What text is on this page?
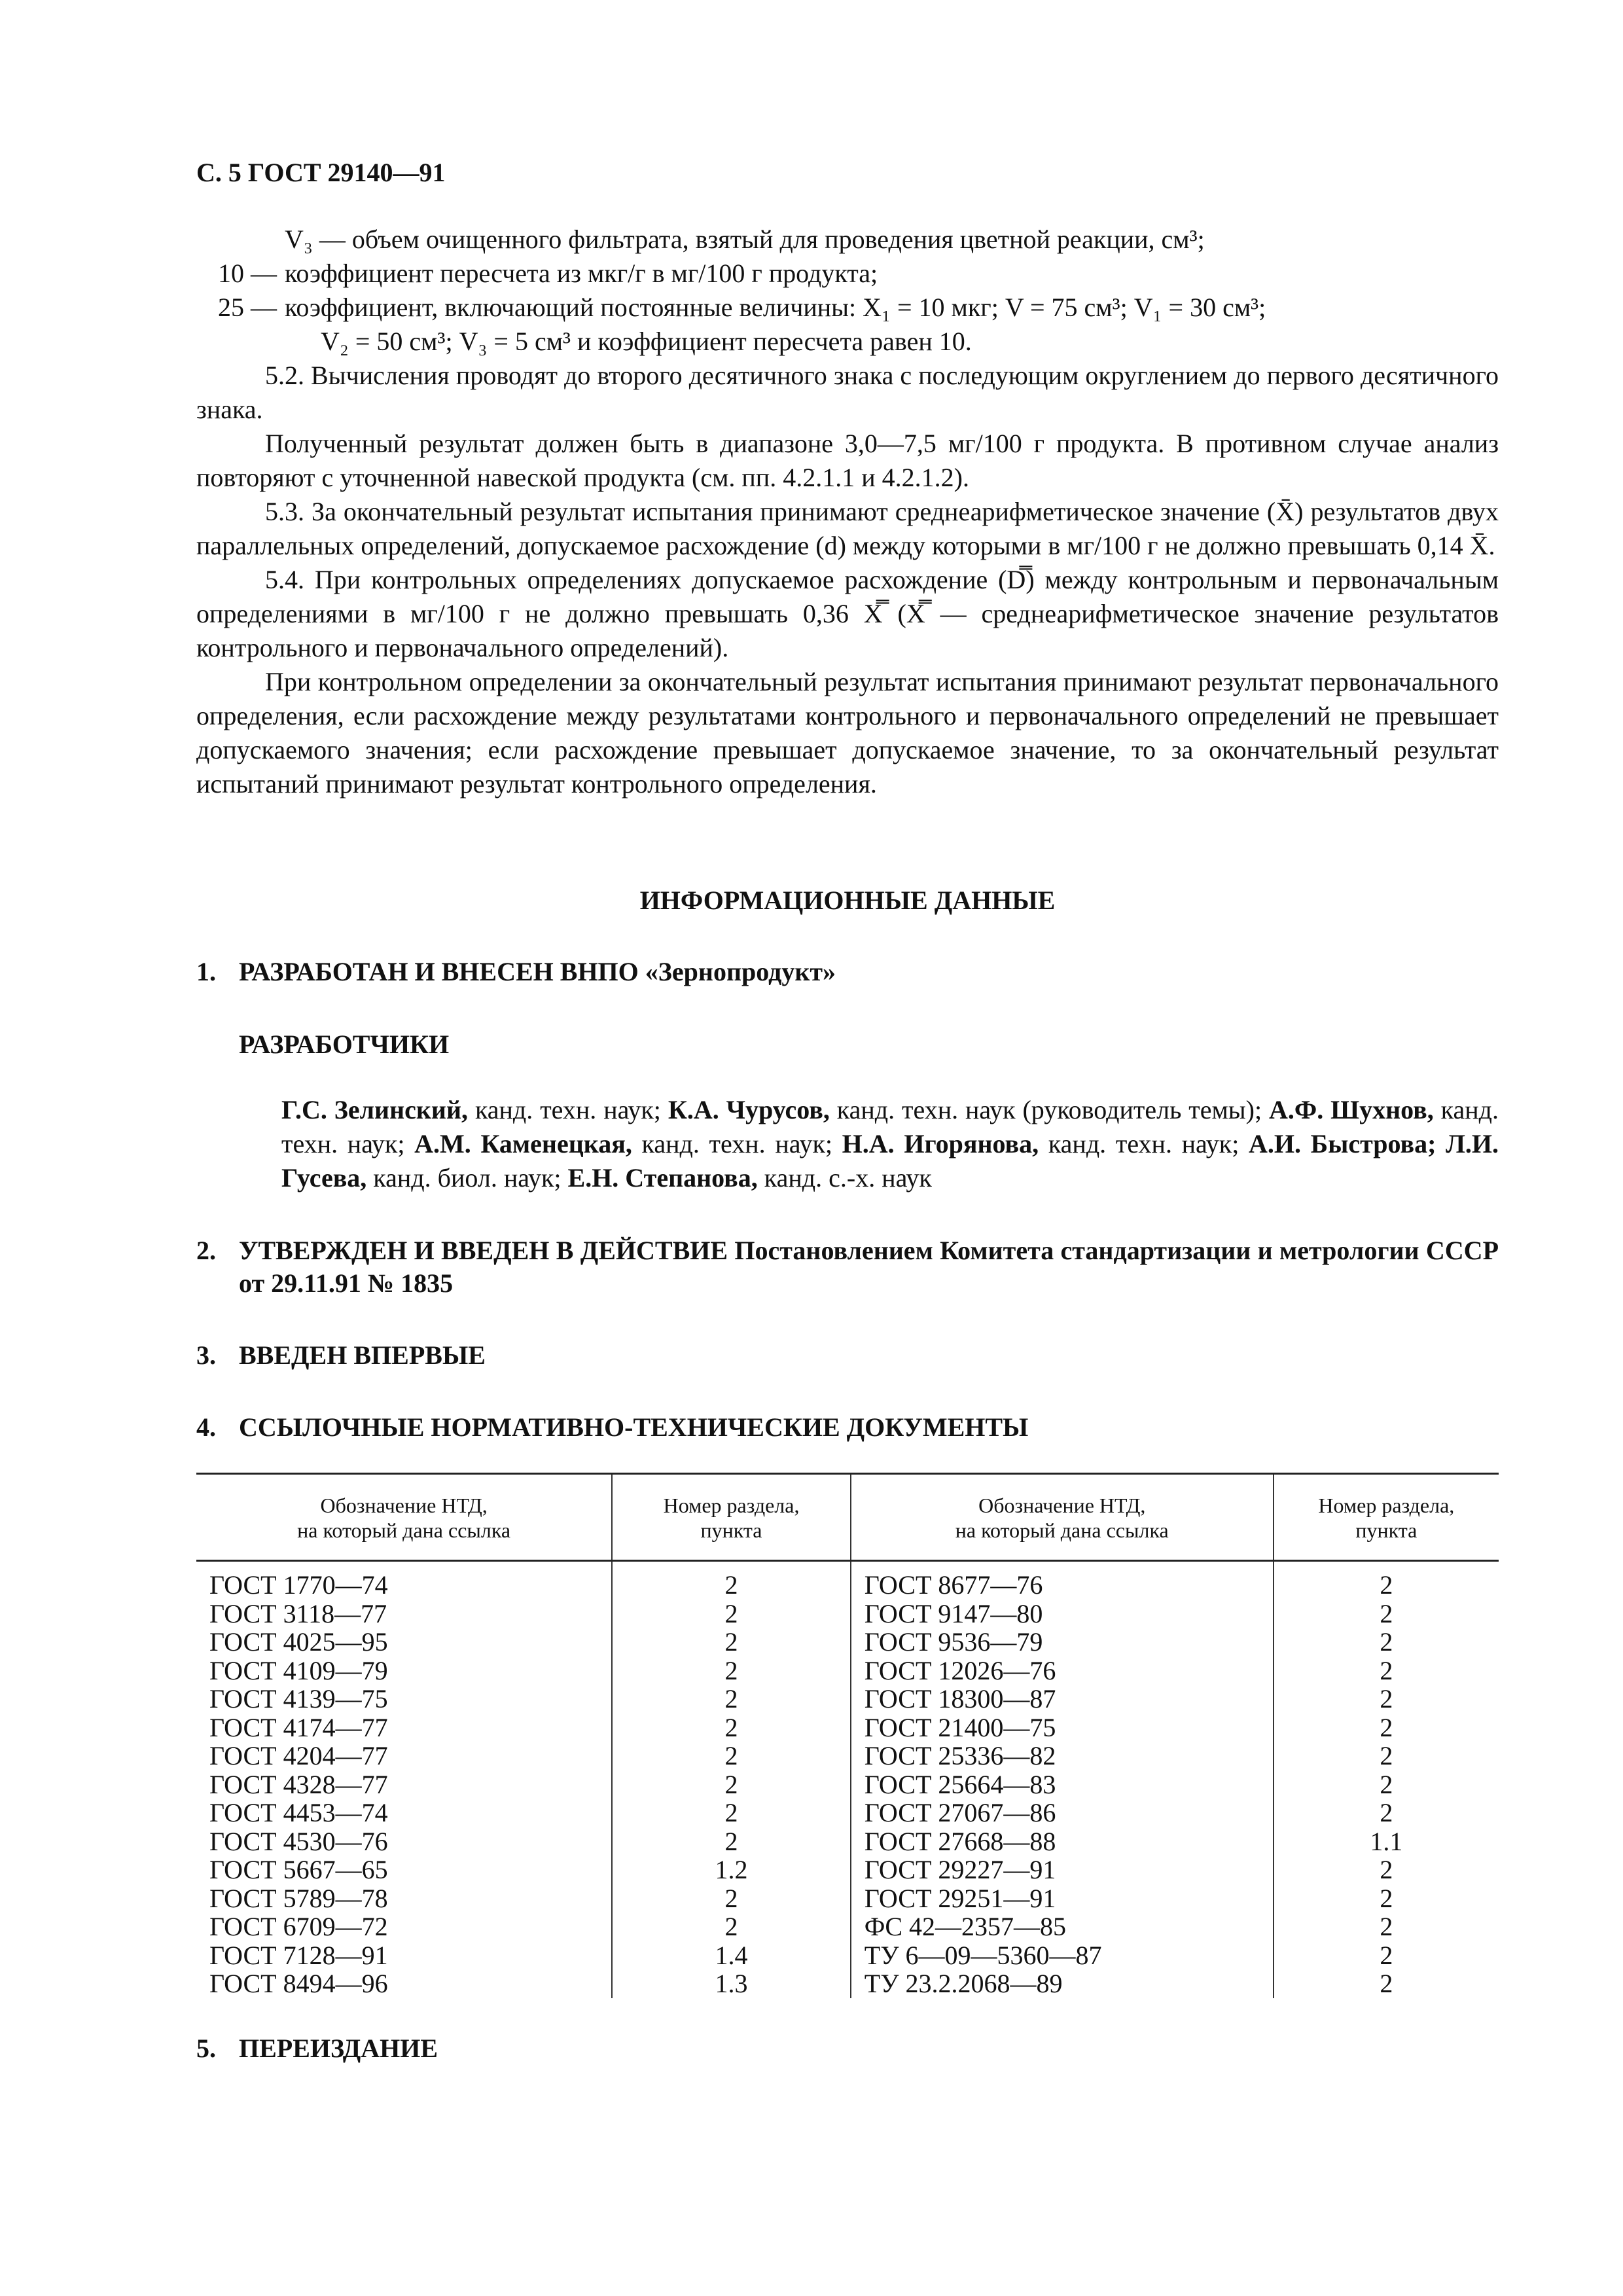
С. 5 ГОСТ 29140—91
V₃ — объем очищенного фильтрата, взятый для проведения цветной реакции, см³;
10 — коэффициент пересчета из мкг/г в мг/100 г продукта;
25 — коэффициент, включающий постоянные величины: X₁ = 10 мкг; V = 75 см³; V₁ = 30 см³;

V₂ = 50 см³; V₃ = 5 см³ и коэффициент пересчета равен 10.

5.2. Вычисления проводят до второго десятичного знака с последующим округлением до первого десятичного знака.

Полученный результат должен быть в диапазоне 3,0—7,5 мг/100 г продукта. В противном случае анализ повторяют с уточненной навеской продукта (см. пп. 4.2.1.1 и 4.2.1.2).

5.3. За окончательный результат испытания принимают среднеарифметическое значение (X̄) результатов двух параллельных определений, допускаемое расхождение (d) между которыми в мг/100 г не должно превышать 0,14 X̄.

5.4. При контрольных определениях допускаемое расхождение (D̿) между контрольным и первоначальным определениями в мг/100 г не должно превышать 0,36 X̿ (X̿ — среднеарифметическое значение результатов контрольного и первоначального определений).

При контрольном определении за окончательный результат испытания принимают результат первоначального определения, если расхождение между результатами контрольного и первоначального определений не превышает допускаемого значения; если расхождение превышает допускаемое значение, то за окончательный результат испытаний принимают результат контрольного определения.

ИНФОРМАЦИОННЫЕ ДАННЫЕ
1. РАЗРАБОТАН И ВНЕСЕН ВНПО «Зернопродукт»
РАЗРАБОТЧИКИ
Г.С. Зелинский, канд. техн. наук; К.А. Чурусов, канд. техн. наук (руководитель темы); А.Ф. Шухнов, канд. техн. наук; А.М. Каменецкая, канд. техн. наук; Н.А. Игорянова, канд. техн. наук; А.И. Быстрова; Л.И. Гусева, канд. биол. наук; Е.Н. Степанова, канд. с.-х. наук
2. УТВЕРЖДЕН И ВВЕДЕН В ДЕЙСТВИЕ Постановлением Комитета стандартизации и метрологии СССР от 29.11.91 № 1835
3. ВВЕДЕН ВПЕРВЫЕ
4. ССЫЛОЧНЫЕ НОРМАТИВНО-ТЕХНИЧЕСКИЕ ДОКУМЕНТЫ
Обозначение НТД,
на который дана ссылка	Номер раздела,
пункта	Обозначение НТД,
на который дана ссылка	Номер раздела,
пункта
ГОСТ 1770—74	2	ГОСТ 8677—76	2
ГОСТ 3118—77	2	ГОСТ 9147—80	2
ГОСТ 4025—95	2	ГОСТ 9536—79	2
ГОСТ 4109—79	2	ГОСТ 12026—76	2
ГОСТ 4139—75	2	ГОСТ 18300—87	2
ГОСТ 4174—77	2	ГОСТ 21400—75	2
ГОСТ 4204—77	2	ГОСТ 25336—82	2
ГОСТ 4328—77	2	ГОСТ 25664—83	2
ГОСТ 4453—74	2	ГОСТ 27067—86	2
ГОСТ 4530—76	2	ГОСТ 27668—88	1.1
ГОСТ 5667—65	1.2	ГОСТ 29227—91	2
ГОСТ 5789—78	2	ГОСТ 29251—91	2
ГОСТ 6709—72	2	ФС 42—2357—85	2
ГОСТ 7128—91	1.4	ТУ 6—09—5360—87	2
ГОСТ 8494—96	1.3	ТУ 23.2.2068—89	2
5. ПЕРЕИЗДАНИЕ
